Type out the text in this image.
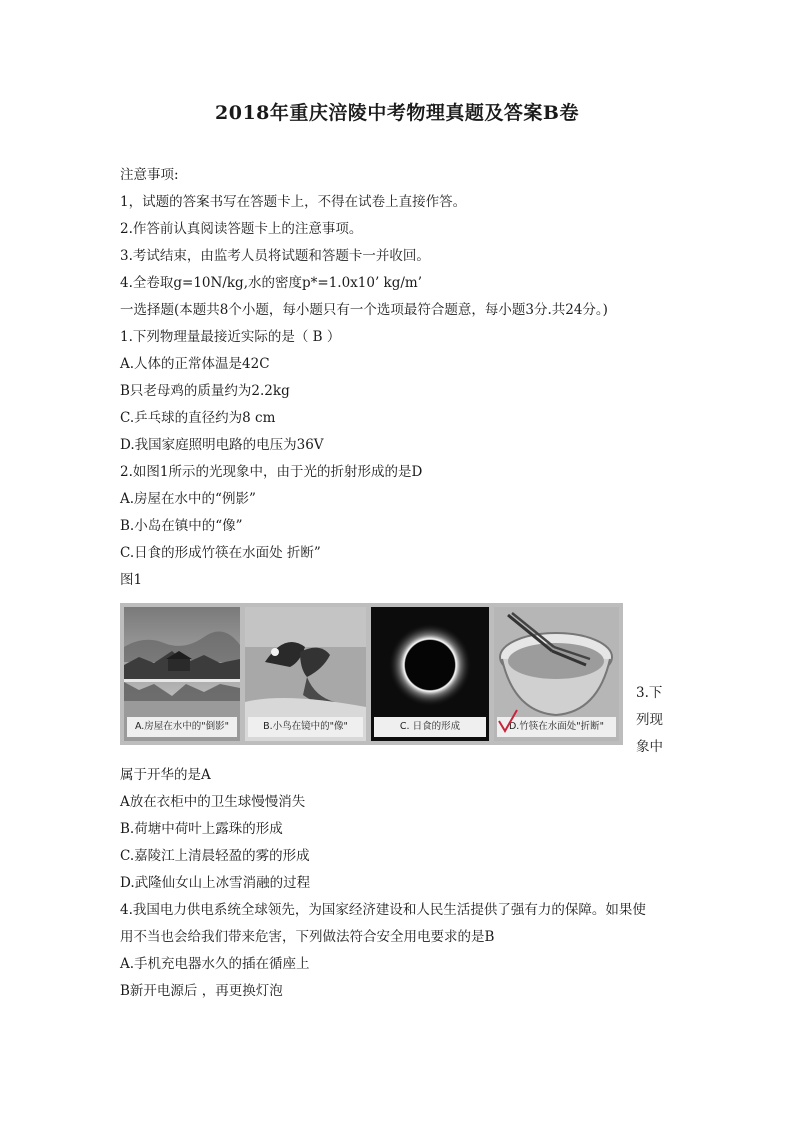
2018年重庆涪陵中考物理真题及答案B卷
注意事项:
1，试题的答案书写在答题卡上，不得在试卷上直接作答。
2.作答前认真阅读答题卡上的注意事项。
3.考试结束，由监考人员将试题和答题卡一并收回。
4.全卷取g=10N/kg,水的密度p*=1.0x10’ kg/m’
一选择题(本题共8个小题，每小题只有一个选项最符合题意，每小题3分.共24分。)
1.下列物理量最接近实际的是（ B ）
A.人体的正常体温是42C
B只老母鸡的质量约为2.2kg
C.乒乓球的直径约为8 cm
D.我国家庭照明电路的电压为36V
2.如图1所示的光现象中，由于光的折射形成的是D
A.房屋在水中的“例影”
B.小岛在镇中的“像”
C.日食的形成竹筷在水面处 折断”
图1
A.房屋在水中的"倒影"	B.小鸟在镜中的"像"	C. 日食的形成	D.竹筷在水面处"折断"
3.下
列现
象中
属于开华的是A
A放在衣柜中的卫生球慢慢消失
B.荷塘中荷叶上露珠的形成
C.嘉陵江上清晨轻盈的雾的形成
D.武隆仙女山上冰雪消融的过程
4.我国电力供电系统全球领先，为国家经济建设和人民生活提供了强有力的保障。如果使
用不当也会给我们带来危害，下列做法符合安全用电要求的是B
A.手机充电器水久的插在循座上
B新开电源后 ，再更换灯泡
